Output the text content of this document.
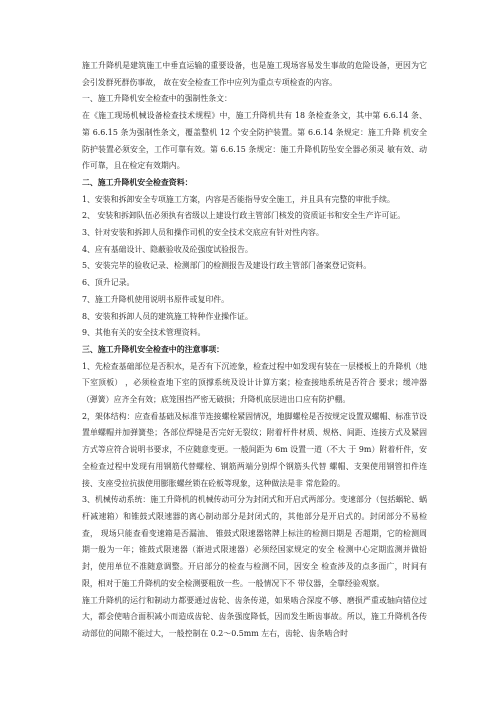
施工升降机是建筑施工中垂直运输的重要设备，也是施工现场容易发生事故的危险设备，更因为它会引发群死群伤事故， 故在安全检查工作中应列为重点专项检查的内容。

一、施工升降机安全检查中的强制性条文：

在《施工现场机械设备检查技术规程》中，施工升降机共有 18 条检查条文，其中第 6.6.14 条、第 6.6.15 条为强制性条文，覆盖整机 12 个安全防护装置。第 6.6.14 条规定：施工升降 机安全防护装置必须安全，工作可靠有效。第 6.6.15 条规定：施工升降机防坠安全器必须灵 敏有效、动作可靠，且在检定有效期内。

二、施工升降机安全检查资料：

1、安装和拆卸安全专项施工方案，内容是否能指导安全施工，并且具有完整的审批手续。

2、 安装和拆卸队伍必须执有省级以上建设行政主管部门核发的资质证书和安全生产许可证。

3、针对安装和拆卸人员和操作司机的安全技术交底应有针对性内容。

4、应有基础设计、隐蔽验收及砼强度试验报告。

5、安装完毕的验收记录、检测部门的检测报告及建设行政主管部门备案登记资料。

6、顶升记录。

7、施工升降机使用说明书原件或复印件。

8、安装和拆卸人员的建筑施工特种作业操作证。

9、其他有关的安全技术管理资料。

三、施工升降机安全检查中的注意事项：

1、先检查基础部位是否积水，是否有下沉迹象，检查过程中如发现有装在一层楼板上的升降机（地下室顶板） ，必须检查地下室的顶撑系统及设计计算方案；检查接地系统是否符合 要求；缓冲器（弹簧）应齐全有效；底笼围挡严密无破损；升降机底层进出口应有防护棚。

2，架体结构：应查看基础及标准节连接螺栓紧固情况，地脚螺栓是否按规定设置双螺帽、标准节设置单螺帽并加弹簧垫；各部位焊缝是否完好无裂纹；附着杆件材质、规格、间距、连接方式及紧固方式等应符合说明书要求，不应随意变更。一般间距为 6m 设置一道（不大 于 9m）附着杆件，安全检查过程中发现有用钢筋代替螺栓、钢筋两端分别焊个钢筋头代替 螺帽、支架使用钢管扣件连接、支座受拉抗拔使用膨胀螺丝锁在砼板等现象，这种做法是非 常危险的。

3、机械传动系统：施工升降机的机械传动可分为封闭式和开启式两部分。变速部分（包括蜗轮、蜗杆减速箱）和锥鼓式限速器的离心制动部分是封闭式的，其他部分是开启式的。封闭部分不易检查， 现场只能查看变速箱是否漏油、 锥鼓式限速器铭牌上标注的检测日期是 否超期，它的检测周期一般为一年；锥鼓式限速器（渐进式限速器）必须经国家规定的安全 检测中心定期监测并做铅封，使用单位不准随意调整。开启部分的检查与检测不同，因安全 检查涉及的点多面广，时间有限，相对于施工升降机的安全检测要粗放一些。一般情况下不 带仪器，全靠经验观察。

施工升降机的运行和制动力都要通过齿轮、齿条传递，如果啮合深度不够、磨损严重或轴向错位过大，都会使啮合面积减小而造成齿轮、齿条强度降低，因而发生断齿事故。所以，施工升降机各传动部位的间隙不能过大，一般控制在 0.2～0.5mm 左右，齿轮、齿条啮合时
